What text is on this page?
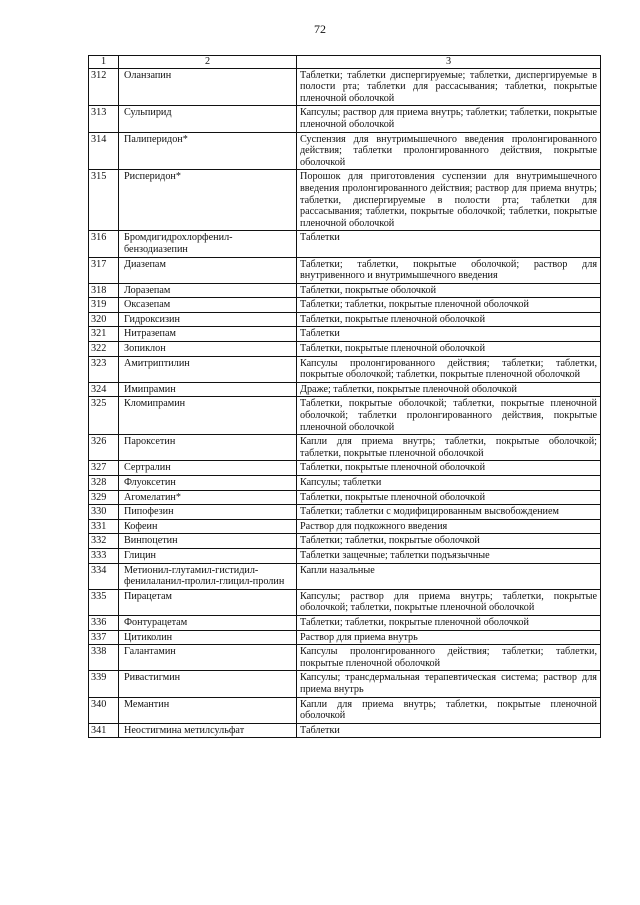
72
1	2	3
312	Оланзапин	Таблетки; таблетки диспергируемые; таблетки, диспергируемые в полости рта; таблетки для рассасывания; таблетки, покрытые пленочной оболочкой
313	Сульпирид	Капсулы; раствор для приема внутрь; таблетки; таблетки, покрытые пленочной оболочкой
314	Палиперидон*	Суспензия для внутримышечного введения пролонгированного действия; таблетки пролонгированного действия, покрытые оболочкой
315	Рисперидон*	Порошок для приготовления суспензии для внутримышечного введения пролонгированного действия; раствор для приема внутрь; таблетки, диспергируемые в полости рта; таблетки для рассасывания; таблетки, покрытые оболочкой; таблетки, покрытые пленочной оболочкой
316	Бромдигидрохлорфенил-бензодиазепин	Таблетки
317	Диазепам	Таблетки; таблетки, покрытые оболочкой; раствор для внутривенного и внутримышечного введения
318	Лоразепам	Таблетки, покрытые оболочкой
319	Оксазепам	Таблетки; таблетки, покрытые пленочной оболочкой
320	Гидроксизин	Таблетки, покрытые пленочной оболочкой
321	Нитразепам	Таблетки
322	Зопиклон	Таблетки, покрытые пленочной оболочкой
323	Амитриптилин	Капсулы пролонгированного действия; таблетки; таблетки, покрытые оболочкой; таблетки, покрытые пленочной оболочкой
324	Имипрамин	Драже; таблетки, покрытые пленочной оболочкой
325	Кломипрамин	Таблетки, покрытые оболочкой; таблетки, покрытые пленочной оболочкой; таблетки пролонгированного действия, покрытые пленочной оболочкой
326	Пароксетин	Капли для приема внутрь; таблетки, покрытые оболочкой; таблетки, покрытые пленочной оболочкой
327	Сертралин	Таблетки, покрытые пленочной оболочкой
328	Флуоксетин	Капсулы; таблетки
329	Агомелатин*	Таблетки, покрытые пленочной оболочкой
330	Пипофезин	Таблетки; таблетки с модифицированным высвобождением
331	Кофеин	Раствор для подкожного введения
332	Винпоцетин	Таблетки; таблетки, покрытые оболочкой
333	Глицин	Таблетки защечные; таблетки подъязычные
334	Метионил-глутамил-гистидил-фенилаланил-пролил-глицил-пролин	Капли назальные
335	Пирацетам	Капсулы; раствор для приема внутрь; таблетки, покрытые оболочкой; таблетки, покрытые пленочной оболочкой
336	Фонтурацетам	Таблетки; таблетки, покрытые пленочной оболочкой
337	Цитиколин	Раствор для приема внутрь
338	Галантамин	Капсулы пролонгированного действия; таблетки; таблетки, покрытые пленочной оболочкой
339	Ривастигмин	Капсулы; трансдермальная терапевтическая система; раствор для приема внутрь
340	Мемантин	Капли для приема внутрь; таблетки, покрытые пленочной оболочкой
341	Неостигмина метилсульфат	Таблетки
